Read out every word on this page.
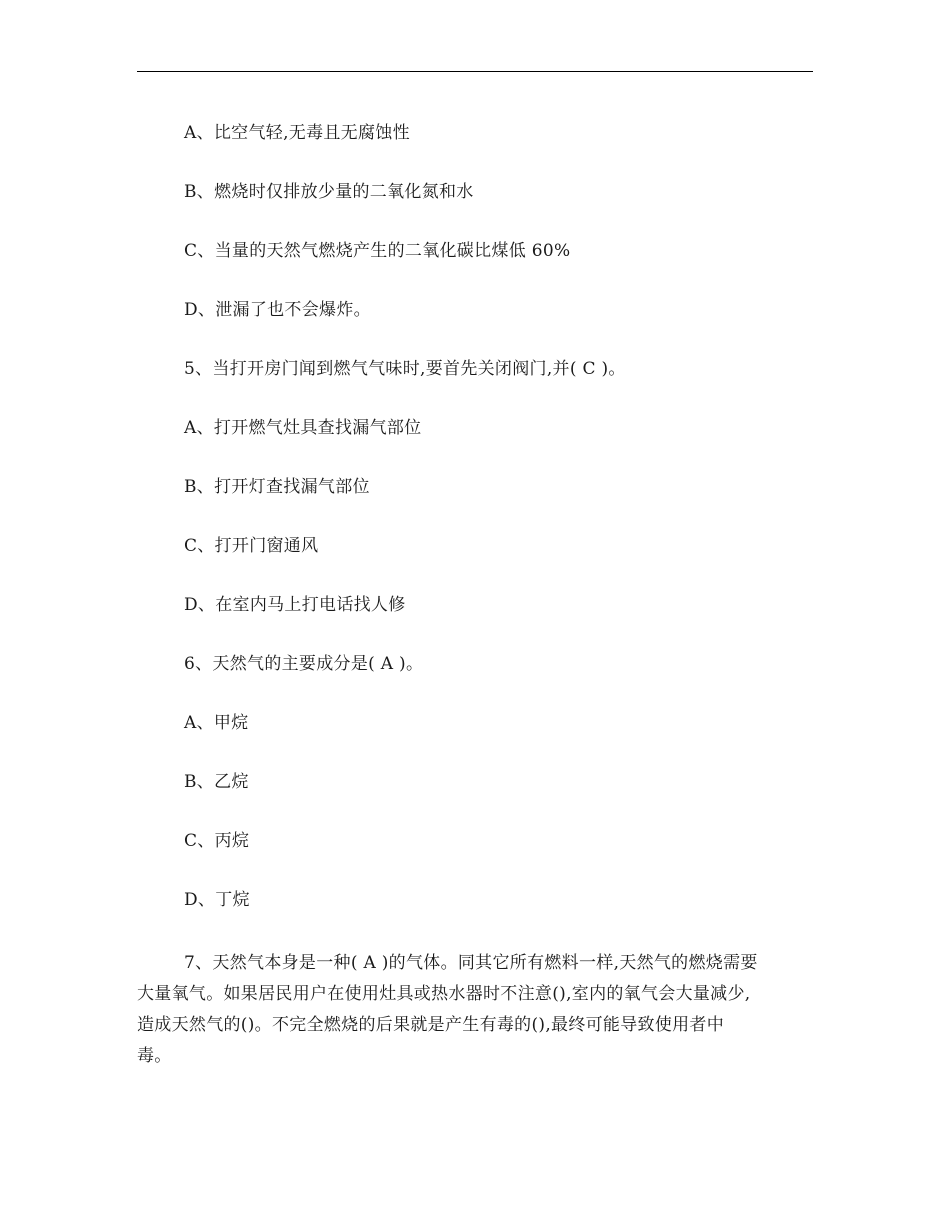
A、比空气轻,无毒且无腐蚀性
B、燃烧时仅排放少量的二氧化氮和水
C、当量的天然气燃烧产生的二氧化碳比煤低 60%
D、泄漏了也不会爆炸。
5、当打开房门闻到燃气气味时,要首先关闭阀门,并( C )。
A、打开燃气灶具查找漏气部位
B、打开灯查找漏气部位
C、打开门窗通风
D、在室内马上打电话找人修
6、天然气的主要成分是( A )。
A、甲烷
B、乙烷
C、丙烷
D、丁烷
7、天然气本身是一种( A )的气体。同其它所有燃料一样,天然气的燃烧需要
大量氧气。如果居民用户在使用灶具或热水器时不注意(),室内的氧气会大量减少,
造成天然气的()。不完全燃烧的后果就是产生有毒的(),最终可能导致使用者中
毒。
